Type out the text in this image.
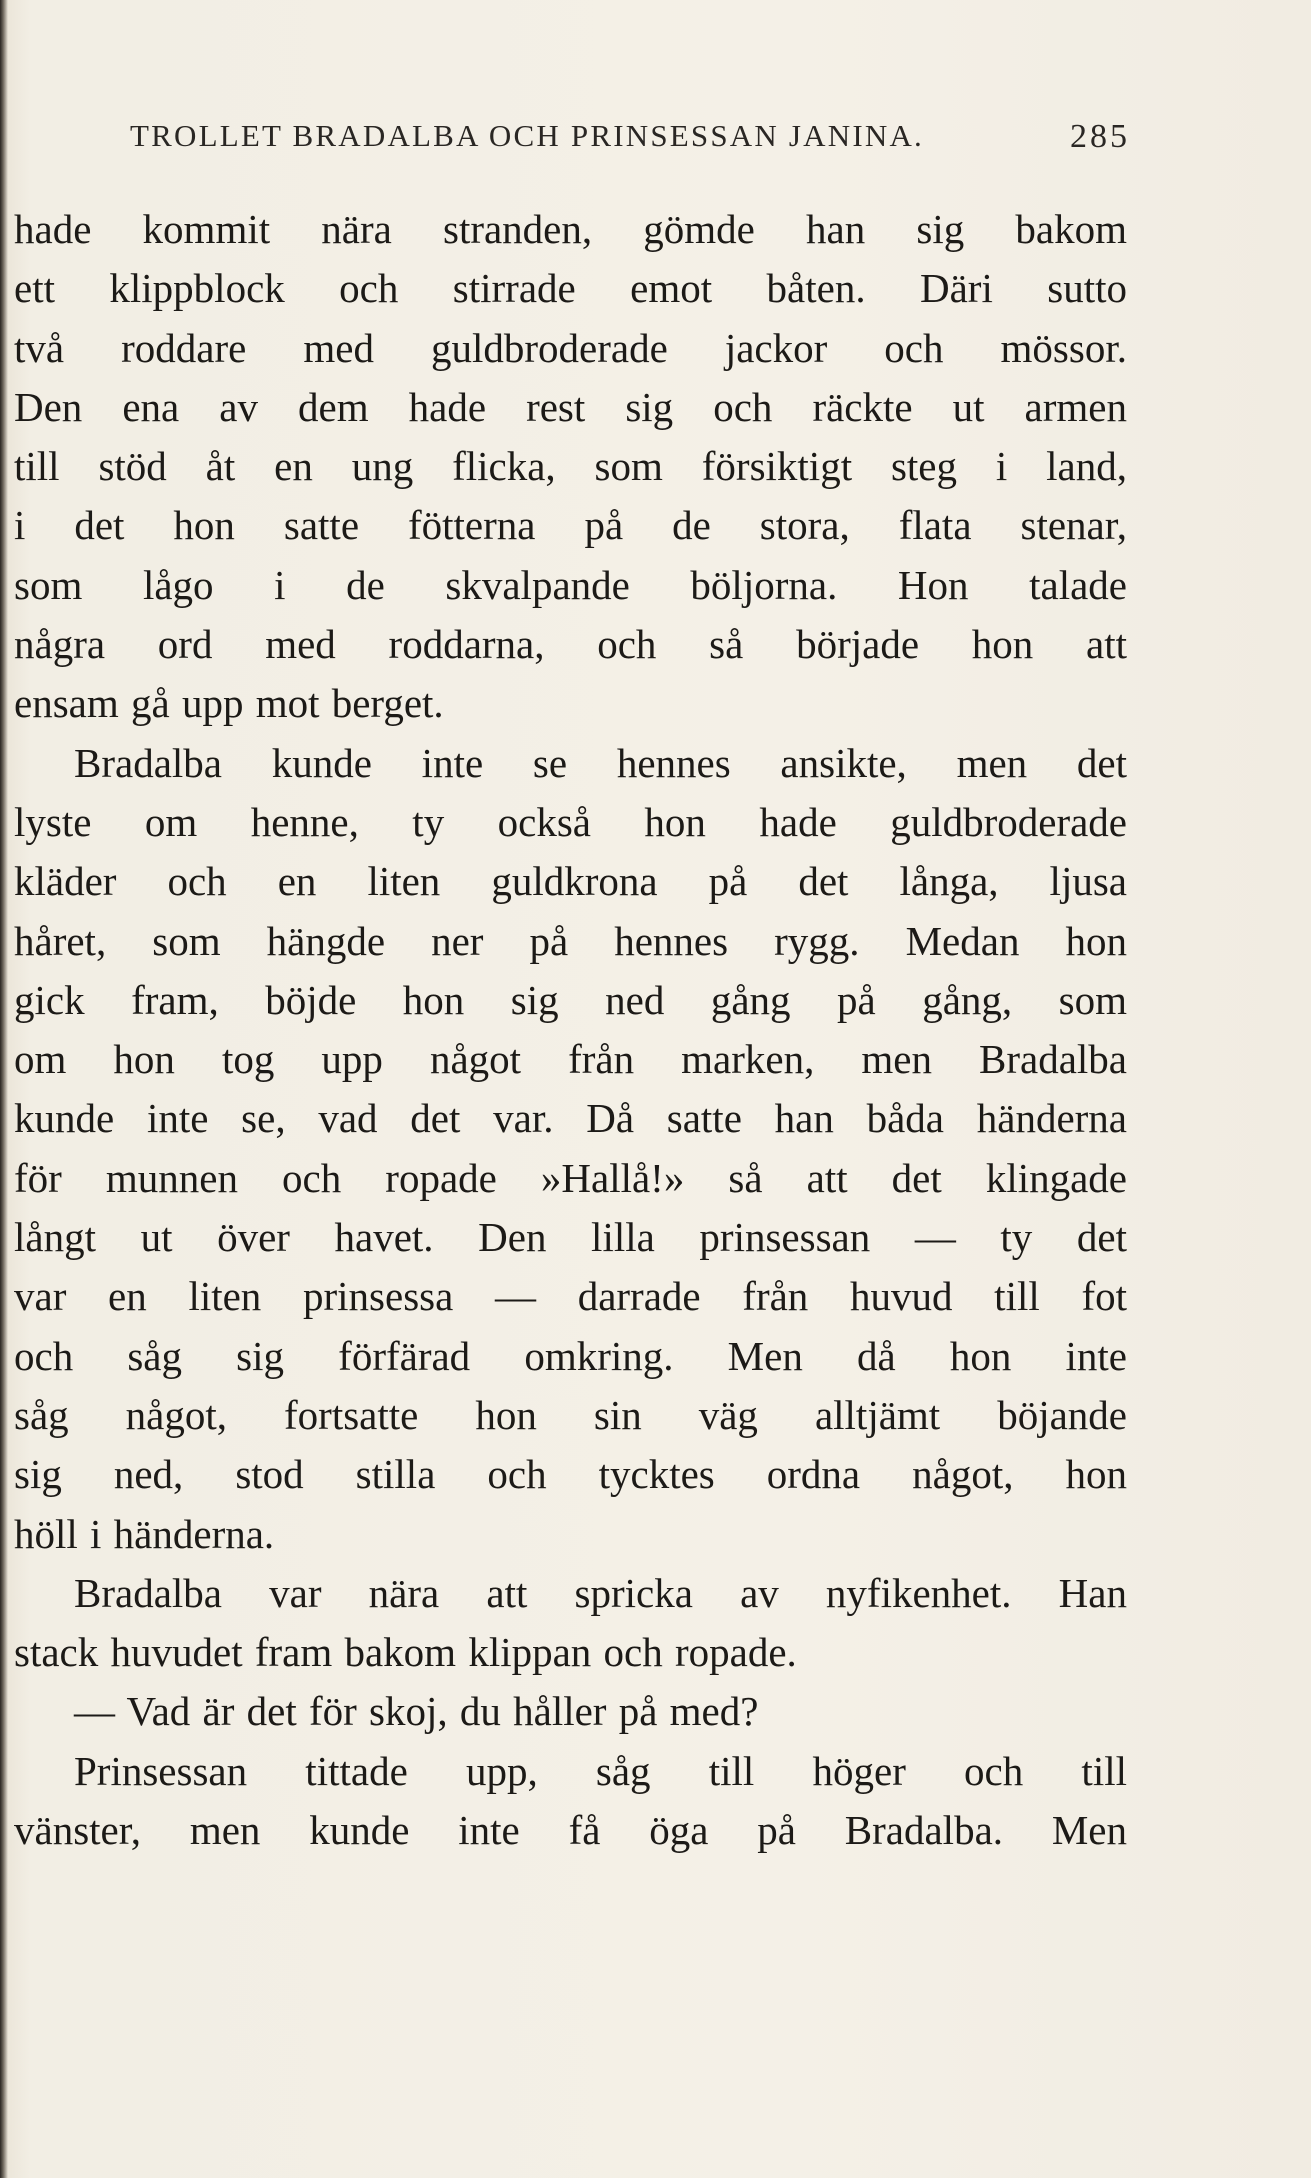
TROLLET BRADALBA OCH PRINSESSAN JANINA.	285
hade kommit nära stranden, gömde han sig bakom
ett klippblock och stirrade emot båten. Däri sutto
två roddare med guldbroderade jackor och mössor.
Den ena av dem hade rest sig och räckte ut armen
till stöd åt en ung flicka, som försiktigt steg i land,
i det hon satte fötterna på de stora, flata stenar,
som lågo i de skvalpande böljorna. Hon talade
några ord med roddarna, och så började hon att
ensam gå upp mot berget.
Bradalba kunde inte se hennes ansikte, men det
lyste om henne, ty också hon hade guldbroderade
kläder och en liten guldkrona på det långa, ljusa
håret, som hängde ner på hennes rygg. Medan hon
gick fram, böjde hon sig ned gång på gång, som
om hon tog upp något från marken, men Bradalba
kunde inte se, vad det var. Då satte han båda händerna
för munnen och ropade »Hallå!» så att det klingade
långt ut över havet. Den lilla prinsessan — ty det
var en liten prinsessa — darrade från huvud till fot
och såg sig förfärad omkring. Men då hon inte
såg något, fortsatte hon sin väg alltjämt böjande
sig ned, stod stilla och tycktes ordna något, hon
höll i händerna.
Bradalba var nära att spricka av nyfikenhet. Han
stack huvudet fram bakom klippan och ropade.
— Vad är det för skoj, du håller på med?
Prinsessan tittade upp, såg till höger och till
vänster, men kunde inte få öga på Bradalba. Men
